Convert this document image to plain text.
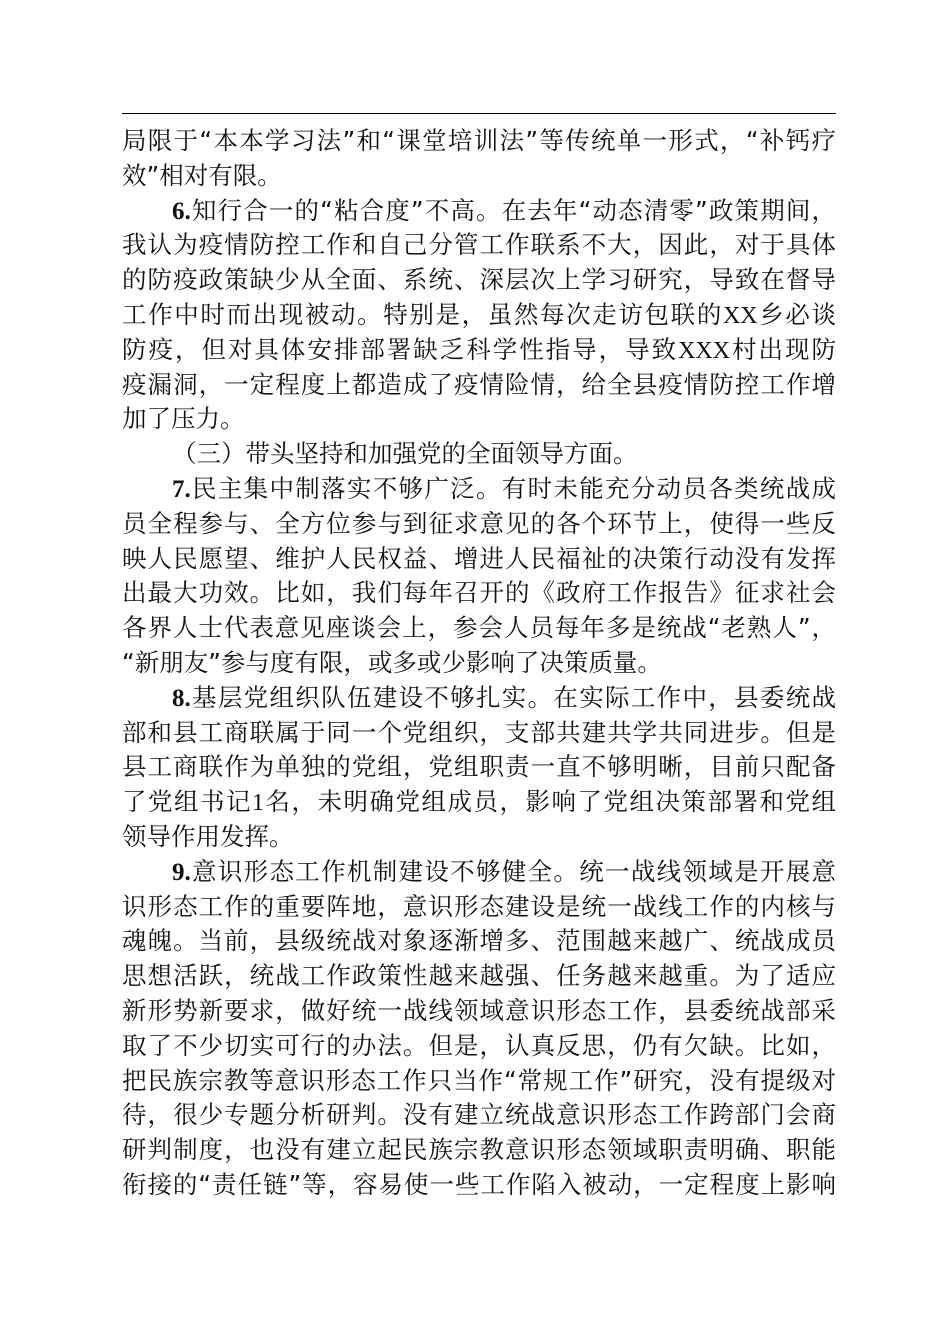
局限于“本本学习法”和“课堂培训法”等传统单一形式，“补钙疗
效”相对有限。
6.知行合一的“粘合度”不高。在去年“动态清零”政策期间，
我认为疫情防控工作和自己分管工作联系不大，因此，对于具体
的防疫政策缺少从全面、系统、深层次上学习研究，导致在督导
工作中时而出现被动。特别是，虽然每次走访包联的XX乡必谈
防疫，但对具体安排部署缺乏科学性指导，导致XXX村出现防
疫漏洞，一定程度上都造成了疫情险情，给全县疫情防控工作增
加了压力。
（三）带头坚持和加强党的全面领导方面。
7.民主集中制落实不够广泛。有时未能充分动员各类统战成
员全程参与、全方位参与到征求意见的各个环节上，使得一些反
映人民愿望、维护人民权益、增进人民福祉的决策行动没有发挥
出最大功效。比如，我们每年召开的《政府工作报告》征求社会
各界人士代表意见座谈会上，参会人员每年多是统战“老熟人”，
“新朋友”参与度有限，或多或少影响了决策质量。
8.基层党组织队伍建设不够扎实。在实际工作中，县委统战
部和县工商联属于同一个党组织，支部共建共学共同进步。但是
县工商联作为单独的党组，党组职责一直不够明晰，目前只配备
了党组书记1名，未明确党组成员，影响了党组决策部署和党组
领导作用发挥。
9.意识形态工作机制建设不够健全。统一战线领域是开展意
识形态工作的重要阵地，意识形态建设是统一战线工作的内核与
魂魄。当前，县级统战对象逐渐增多、范围越来越广、统战成员
思想活跃，统战工作政策性越来越强、任务越来越重。为了适应
新形势新要求，做好统一战线领域意识形态工作，县委统战部采
取了不少切实可行的办法。但是，认真反思，仍有欠缺。比如，
把民族宗教等意识形态工作只当作“常规工作”研究，没有提级对
待，很少专题分析研判。没有建立统战意识形态工作跨部门会商
研判制度，也没有建立起民族宗教意识形态领域职责明确、职能
衔接的“责任链”等，容易使一些工作陷入被动，一定程度上影响
